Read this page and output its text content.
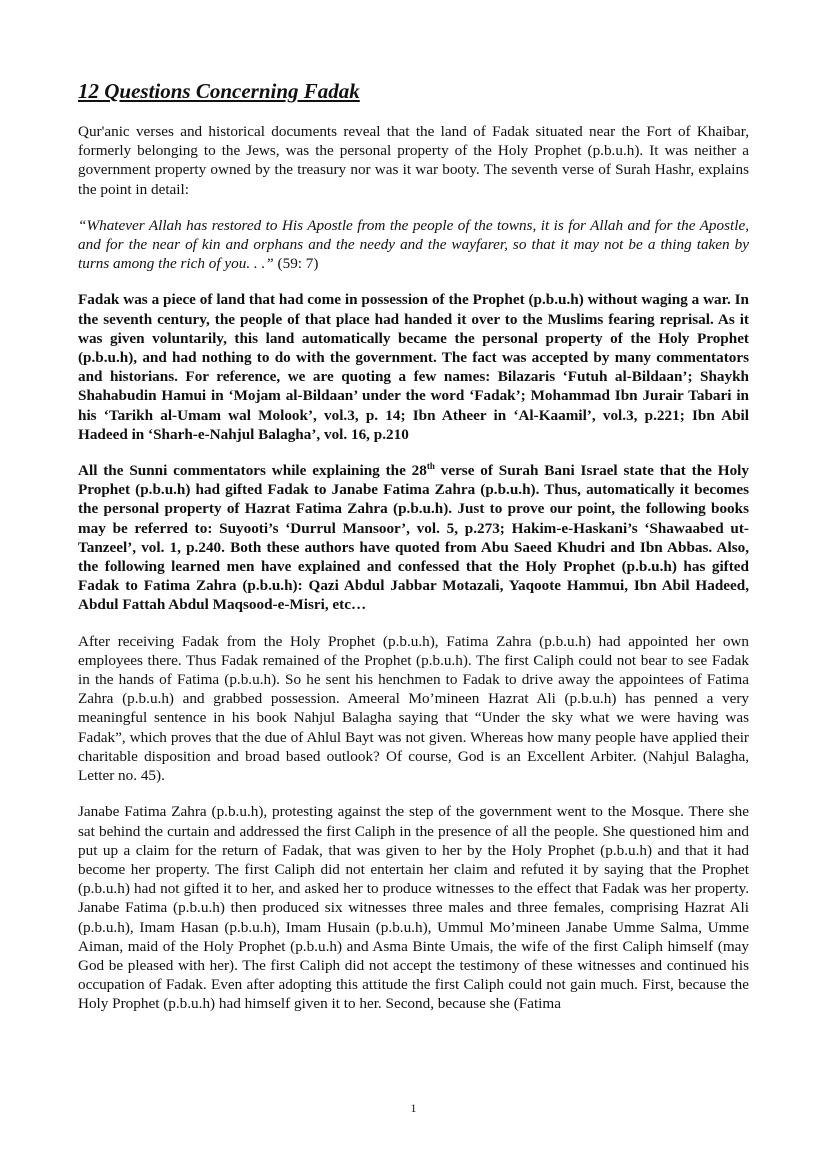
12 Questions Concerning Fadak

Qur'anic verses and historical documents reveal that the land of Fadak situated near the Fort of Khaibar, formerly belonging to the Jews, was the personal property of the Holy Prophet (p.b.u.h). It was neither a government property owned by the treasury nor was it war booty. The seventh verse of Surah Hashr, explains the point in detail:

“Whatever Allah has restored to His Apostle from the people of the towns, it is for Allah and for the Apostle, and for the near of kin and orphans and the needy and the wayfarer, so that it may not be a thing taken by turns among the rich of you. . .” (59: 7)

Fadak was a piece of land that had come in possession of the Prophet (p.b.u.h) without waging a war. In the seventh century, the people of that place had handed it over to the Muslims fearing reprisal. As it was given voluntarily, this land automatically became the personal property of the Holy Prophet (p.b.u.h), and had nothing to do with the government. The fact was accepted by many commentators and historians. For reference, we are quoting a few names: Bilazaris ‘Futuh al-Bildaan’; Shaykh Shahabudin Hamui in ‘Mojam al-Bildaan’ under the word ‘Fadak’; Mohammad Ibn Jurair Tabari in his ‘Tarikh al-Umam wal Molook’, vol.3, p. 14; Ibn Atheer in ‘Al-Kaamil’, vol.3, p.221; Ibn Abil Hadeed in ‘Sharh-e-Nahjul Balagha’, vol. 16, p.210

All the Sunni commentators while explaining the 28th verse of Surah Bani Israel state that the Holy Prophet (p.b.u.h) had gifted Fadak to Janabe Fatima Zahra (p.b.u.h). Thus, automatically it becomes the personal property of Hazrat Fatima Zahra (p.b.u.h). Just to prove our point, the following books may be referred to: Suyooti’s ‘Durrul Mansoor’, vol. 5, p.273; Hakim-e-Haskani’s ‘Shawaabed ut-Tanzeel’, vol. 1, p.240. Both these authors have quoted from Abu Saeed Khudri and Ibn Abbas. Also, the following learned men have explained and confessed that the Holy Prophet (p.b.u.h) has gifted Fadak to Fatima Zahra (p.b.u.h): Qazi Abdul Jabbar Motazali, Yaqoote Hammui, Ibn Abil Hadeed, Abdul Fattah Abdul Maqsood-e-Misri, etc…

After receiving Fadak from the Holy Prophet (p.b.u.h), Fatima Zahra (p.b.u.h) had appointed her own employees there. Thus Fadak remained of the Prophet (p.b.u.h). The first Caliph could not bear to see Fadak in the hands of Fatima (p.b.u.h). So he sent his henchmen to Fadak to drive away the appointees of Fatima Zahra (p.b.u.h) and grabbed possession. Ameeral Mo’mineen Hazrat Ali (p.b.u.h) has penned a very meaningful sentence in his book Nahjul Balagha saying that “Under the sky what we were having was Fadak”, which proves that the due of Ahlul Bayt was not given. Whereas how many people have applied their charitable disposition and broad based outlook? Of course, God is an Excellent Arbiter. (Nahjul Balagha, Letter no. 45).

Janabe Fatima Zahra (p.b.u.h), protesting against the step of the government went to the Mosque. There she sat behind the curtain and addressed the first Caliph in the presence of all the people. She questioned him and put up a claim for the return of Fadak, that was given to her by the Holy Prophet (p.b.u.h) and that it had become her property. The first Caliph did not entertain her claim and refuted it by saying that the Prophet (p.b.u.h) had not gifted it to her, and asked her to produce witnesses to the effect that Fadak was her property. Janabe Fatima (p.b.u.h) then produced six witnesses three males and three females, comprising Hazrat Ali (p.b.u.h), Imam Hasan (p.b.u.h), Imam Husain (p.b.u.h), Ummul Mo’mineen Janabe Umme Salma, Umme Aiman, maid of the Holy Prophet (p.b.u.h) and Asma Binte Umais, the wife of the first Caliph himself (may God be pleased with her). The first Caliph did not accept the testimony of these witnesses and continued his occupation of Fadak. Even after adopting this attitude the first Caliph could not gain much. First, because the Holy Prophet (p.b.u.h) had himself given it to her. Second, because she (Fatima

1
